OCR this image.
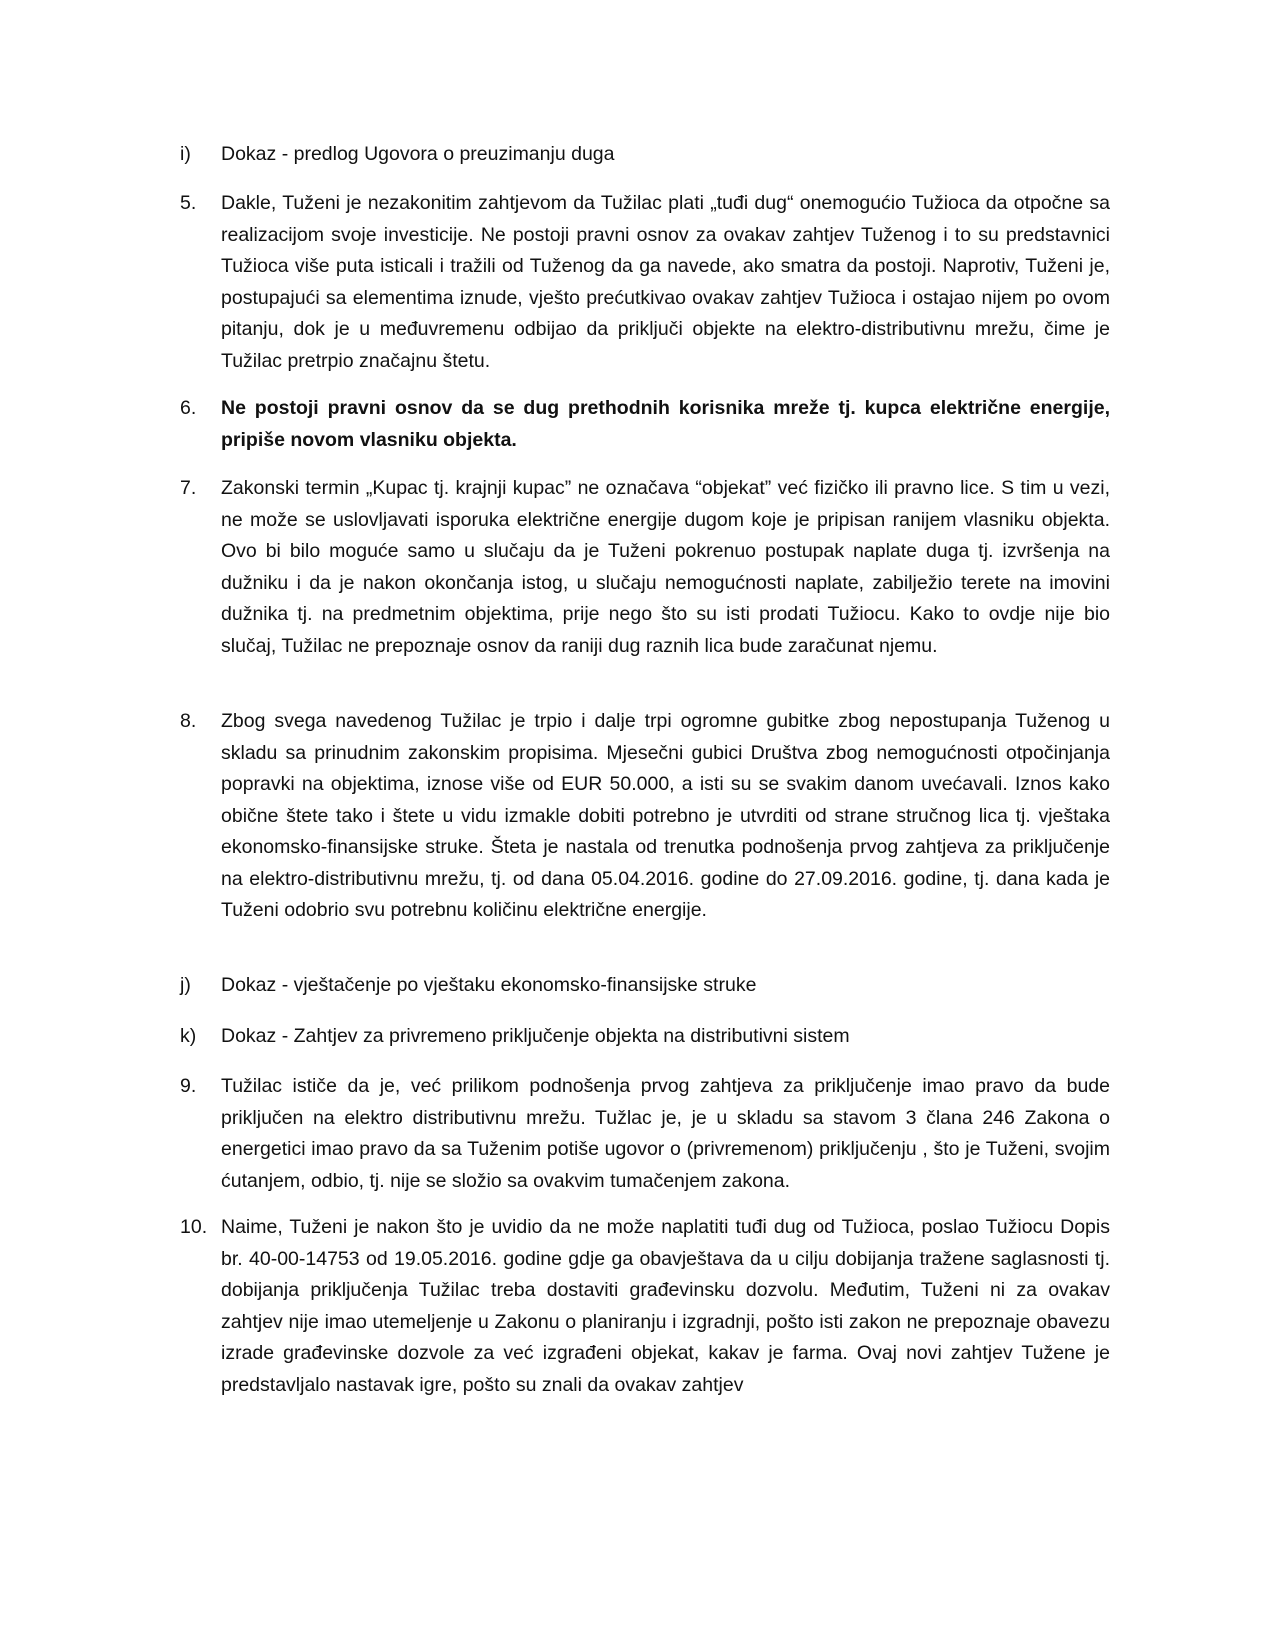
i)	Dokaz - predlog Ugovora o preuzimanju duga
5.	Dakle, Tuženi je nezakonitim zahtjevom da Tužilac plati „tuđi dug“ onemogućio Tužioca da otpočne sa realizacijom svoje investicije. Ne postoji pravni osnov za ovakav zahtjev Tuženog i to su predstavnici Tužioca više puta isticali i tražili od Tuženog da ga navede, ako smatra da postoji. Naprotiv, Tuženi je, postupajući sa elementima iznude, vješto prećutkivao ovakav zahtjev Tužioca i ostajao nijem po ovom pitanju, dok je u međuvremenu odbijao da priključi objekte na elektro-distributivnu mrežu, čime je Tužilac pretrpio značajnu štetu.
6.	Ne postoji pravni osnov da se dug prethodnih korisnika mreže tj. kupca električne energije, pripiše novom vlasniku objekta.
7.	Zakonski termin „Kupac tj. krajnji kupac” ne označava “objekat” već fizičko ili pravno lice. S tim u vezi, ne može se uslovljavati isporuka električne energije dugom koje je pripisan ranijem vlasniku objekta. Ovo bi bilo moguće samo u slučaju da je Tuženi pokrenuo postupak naplate duga tj. izvršenja na dužniku i da je nakon okončanja istog, u slučaju nemogućnosti naplate, zabilježio terete na imovini dužnika tj. na predmetnim objektima, prije nego što su isti prodati Tužiocu. Kako to ovdje nije bio slučaj, Tužilac ne prepoznaje osnov da raniji dug raznih lica bude zaračunat njemu.
8.	Zbog svega navedenog Tužilac je trpio i dalje trpi ogromne gubitke zbog nepostupanja Tuženog u skladu sa prinudnim zakonskim propisima. Mjesečni gubici Društva zbog nemogućnosti otpočinjanja popravki na objektima, iznose više od EUR 50.000, a isti su se svakim danom uvećavali. Iznos kako obične štete tako i štete u vidu izmakle dobiti potrebno je utvrditi od strane stručnog lica tj. vještaka ekonomsko-finansijske struke. Šteta je nastala od trenutka podnošenja prvog zahtjeva za priključenje na elektro-distributivnu mrežu, tj. od dana 05.04.2016. godine do 27.09.2016. godine, tj. dana kada je Tuženi odobrio svu potrebnu količinu električne energije.
j)	Dokaz - vještačenje po vještaku ekonomsko-finansijske struke
k)	Dokaz - Zahtjev za privremeno priključenje objekta na distributivni sistem
9.	Tužilac ističe da je, već prilikom podnošenja prvog zahtjeva za priključenje imao pravo da bude priključen na elektro distributivnu mrežu. Tužlac je, je u skladu sa stavom 3 člana 246 Zakona o energetici imao pravo da sa Tuženim potiše ugovor o (privremenom) priključenju , što je Tuženi, svojim ćutanjem, odbio, tj. nije se složio sa ovakvim tumačenjem zakona.
10. Naime, Tuženi je nakon što je uvidio da ne može naplatiti tuđi dug od Tužioca, poslao Tužiocu Dopis br. 40-00-14753 od 19.05.2016. godine gdje ga obavještava da u cilju dobijanja tražene saglasnosti tj. dobijanja priključenja Tužilac treba dostaviti građevinsku dozvolu. Međutim, Tuženi ni za ovakav zahtjev nije imao utemeljenje u Zakonu o planiranju i izgradnji, pošto isti zakon ne prepoznaje obavezu izrade građevinske dozvole za već izgrađeni objekat, kakav je farma. Ovaj novi zahtjev Tužene je predstavljalo nastavak igre, pošto su znali da ovakav zahtjev
